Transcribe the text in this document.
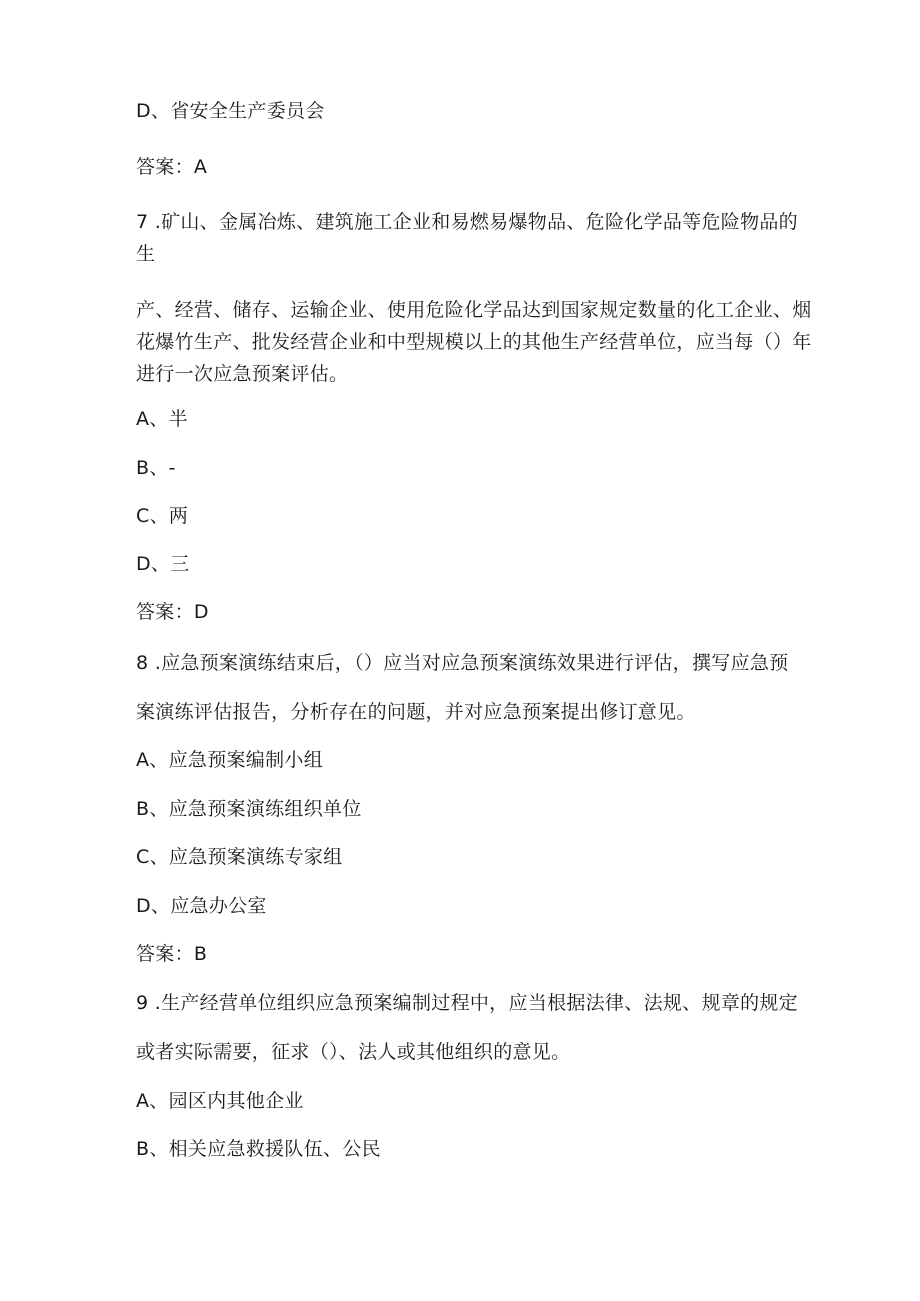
D、省安全生产委员会
答案：A
7 .矿山、金属冶炼、建筑施工企业和易燃易爆物品、危险化学品等危险物品的
生
产、经营、储存、运输企业、使用危险化学品达到国家规定数量的化工企业、烟
花爆竹生产、批发经营企业和中型规模以上的其他生产经营单位，应当每（）年
进行一次应急预案评估。
A、半
B、-
C、两
D、三
答案：D
8 .应急预案演练结束后，（）应当对应急预案演练效果进行评估，撰写应急预
案演练评估报告，分析存在的问题，并对应急预案提出修订意见。
A、应急预案编制小组
B、应急预案演练组织单位
C、应急预案演练专家组
D、应急办公室
答案：B
9 .生产经营单位组织应急预案编制过程中，应当根据法律、法规、规章的规定
或者实际需要，征求（）、法人或其他组织的意见。
A、园区内其他企业
B、相关应急救援队伍、公民
